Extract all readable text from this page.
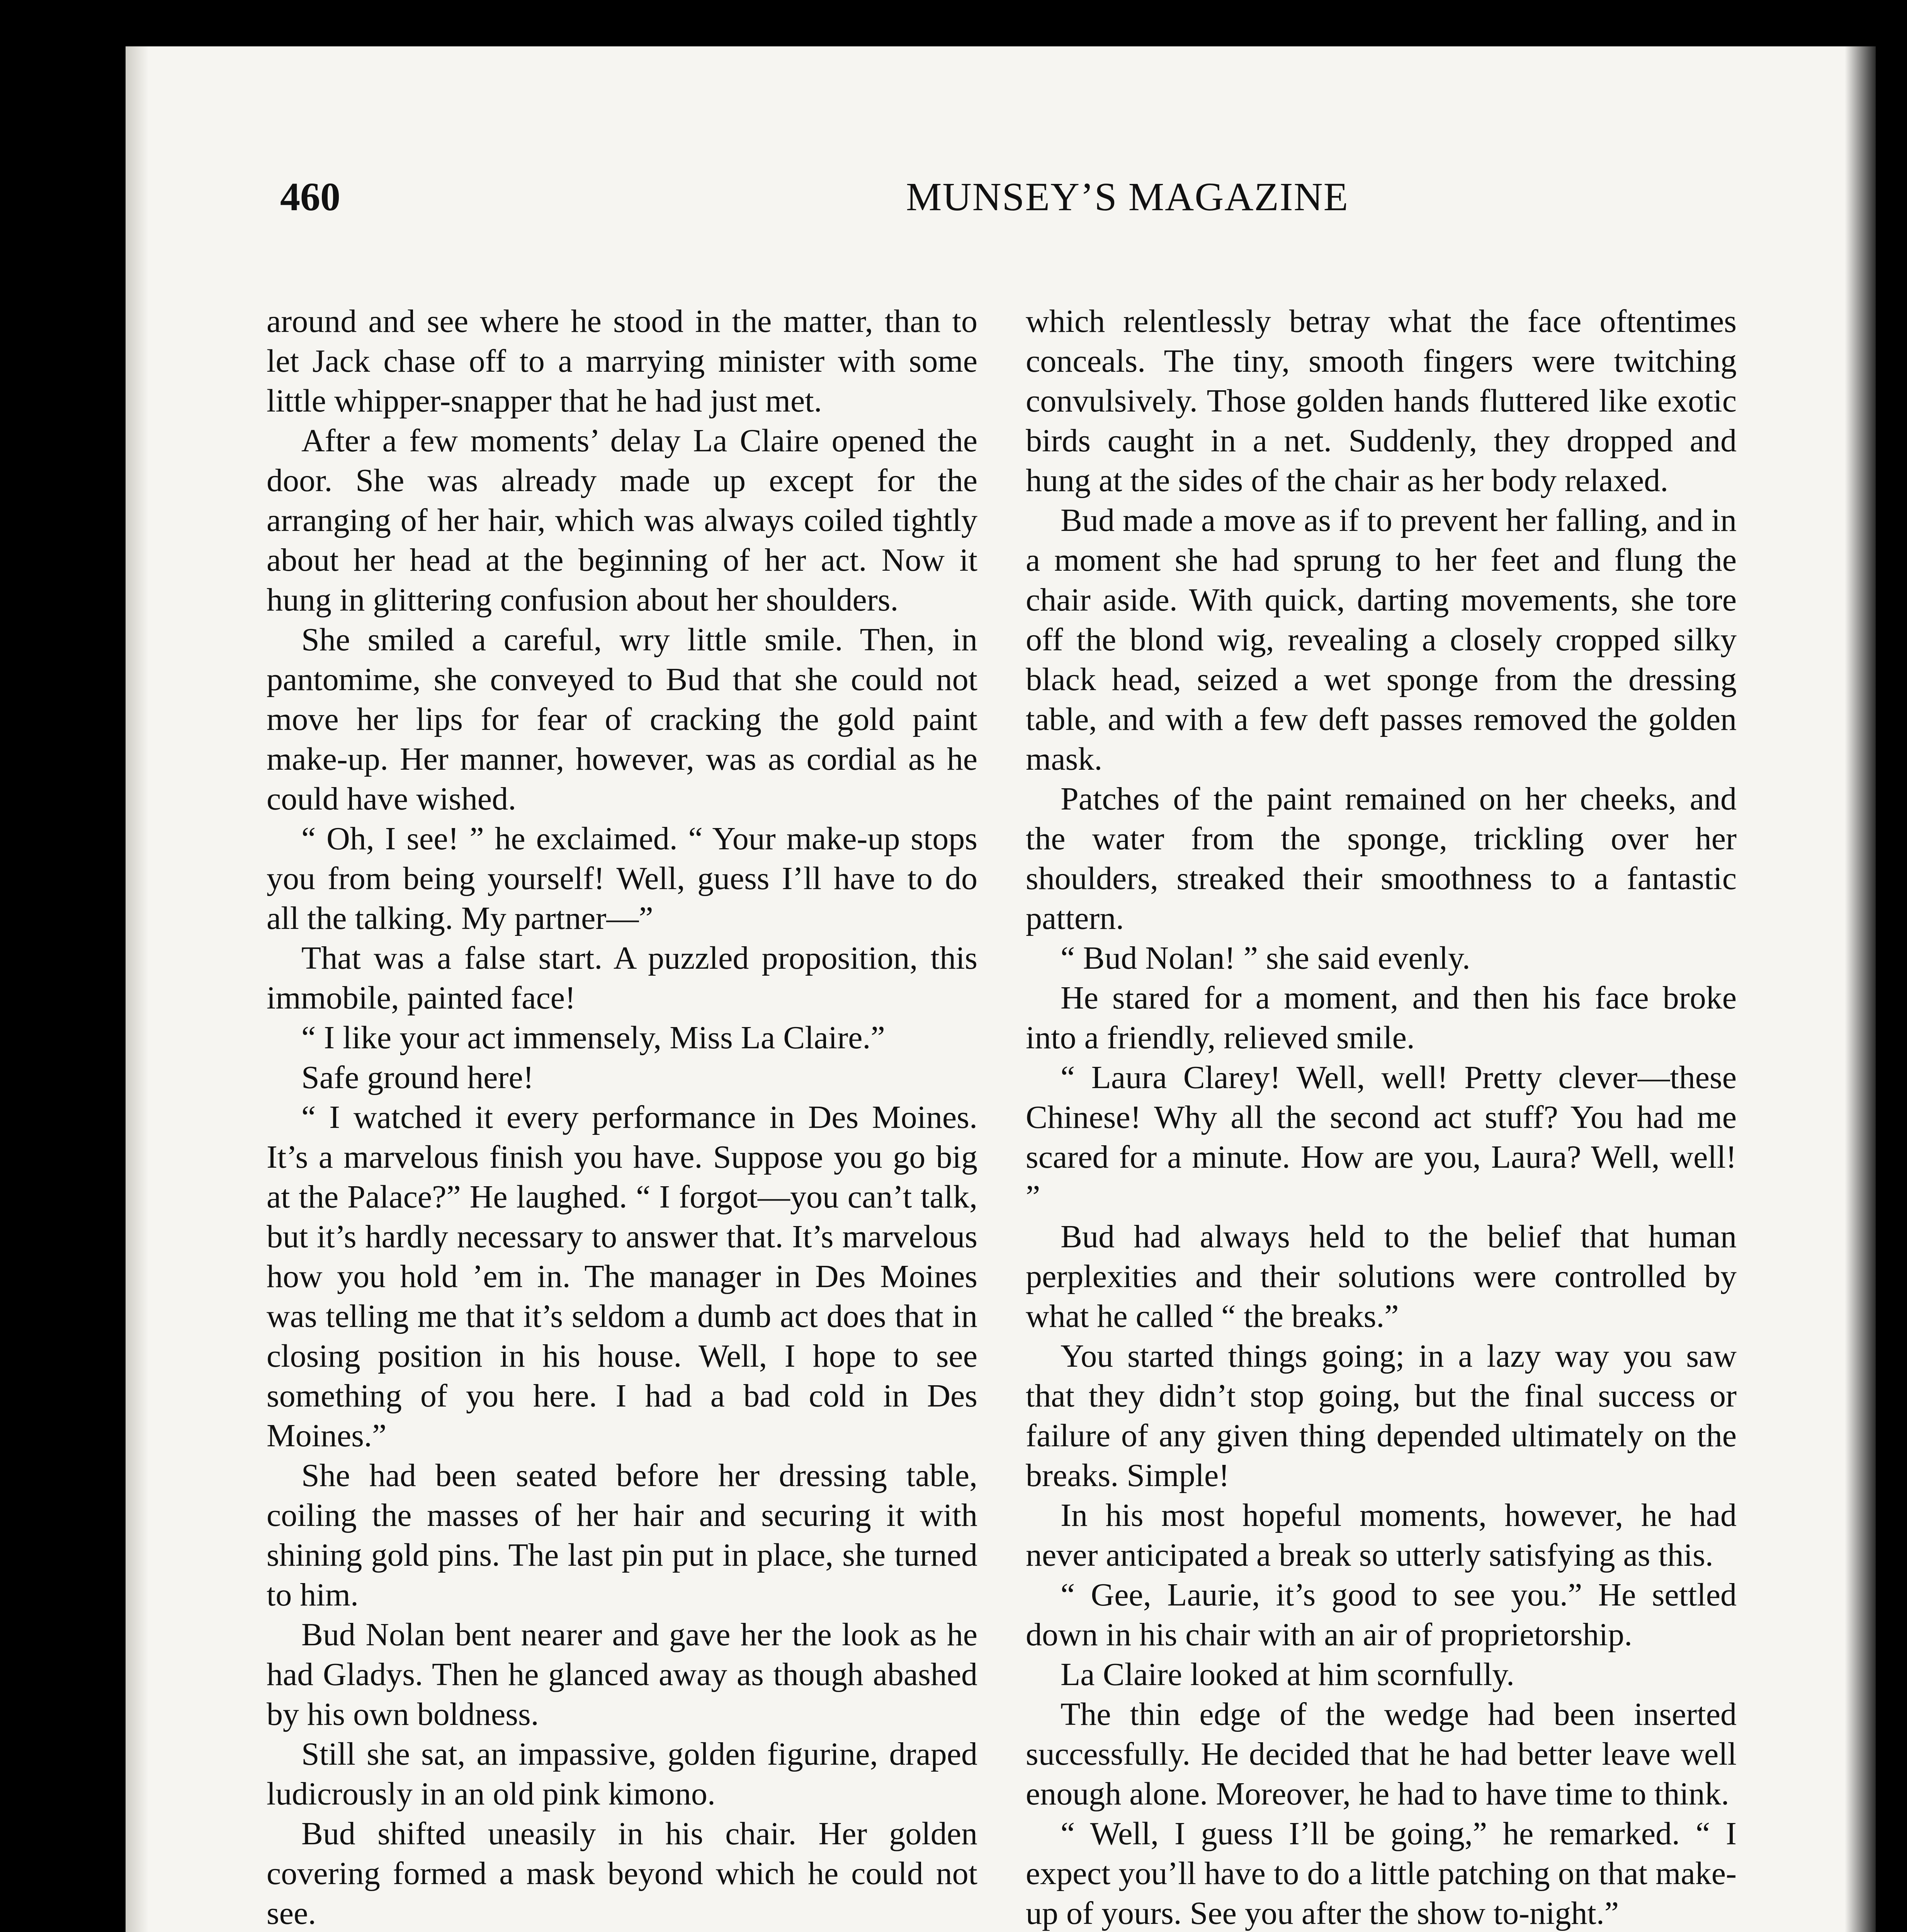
460	MUNSEY’S MAGAZINE

around and see where he stood in the matter, than to let Jack chase off to a marrying minister with some little whipper-snapper that he had just met.

After a few moments’ delay La Claire opened the door. She was already made up except for the arranging of her hair, which was always coiled tightly about her head at the beginning of her act. Now it hung in glittering confusion about her shoulders.

She smiled a careful, wry little smile. Then, in pantomime, she conveyed to Bud that she could not move her lips for fear of cracking the gold paint make-up. Her manner, however, was as cordial as he could have wished.

“ Oh, I see! ” he exclaimed. “ Your make-up stops you from being yourself! Well, guess I’ll have to do all the talking. My partner—”

That was a false start. A puzzled proposition, this immobile, painted face!

“ I like your act immensely, Miss La Claire.”

Safe ground here!

“ I watched it every performance in Des Moines. It’s a marvelous finish you have. Suppose you go big at the Palace?” He laughed. “ I forgot—you can’t talk, but it’s hardly necessary to answer that. It’s marvelous how you hold ’em in. The manager in Des Moines was telling me that it’s seldom a dumb act does that in closing position in his house. Well, I hope to see something of you here. I had a bad cold in Des Moines.”

She had been seated before her dressing table, coiling the masses of her hair and securing it with shining gold pins. The last pin put in place, she turned to him.

Bud Nolan bent nearer and gave her the look as he had Gladys. Then he glanced away as though abashed by his own boldness.

Still she sat, an impassive, golden figurine, draped ludicrously in an old pink kimono.

Bud shifted uneasily in his chair. Her golden covering formed a mask beyond which he could not see.

which relentlessly betray what the face oftentimes conceals. The tiny, smooth fingers were twitching convulsively. Those golden hands fluttered like exotic birds caught in a net. Suddenly, they dropped and hung at the sides of the chair as her body relaxed.

Bud made a move as if to prevent her falling, and in a moment she had sprung to her feet and flung the chair aside. With quick, darting movements, she tore off the blond wig, revealing a closely cropped silky black head, seized a wet sponge from the dressing table, and with a few deft passes removed the golden mask.

Patches of the paint remained on her cheeks, and the water from the sponge, trickling over her shoulders, streaked their smoothness to a fantastic pattern.

“ Bud Nolan! ” she said evenly.

He stared for a moment, and then his face broke into a friendly, relieved smile.

“ Laura Clarey! Well, well! Pretty clever—these Chinese! Why all the second act stuff? You had me scared for a minute. How are you, Laura? Well, well! ”

Bud had always held to the belief that human perplexities and their solutions were controlled by what he called “ the breaks.”

You started things going; in a lazy way you saw that they didn’t stop going, but the final success or failure of any given thing depended ultimately on the breaks. Simple!

In his most hopeful moments, however, he had never anticipated a break so utterly satisfying as this.

“ Gee, Laurie, it’s good to see you.” He settled down in his chair with an air of proprietorship.

La Claire looked at him scornfully.

The thin edge of the wedge had been inserted successfully. He decided that he had better leave well enough alone. Moreover, he had to have time to think.

“ Well, I guess I’ll be going,” he remarked. “ I expect you’ll have to do a little patching on that make-up of yours. See you after the show to-night.”
